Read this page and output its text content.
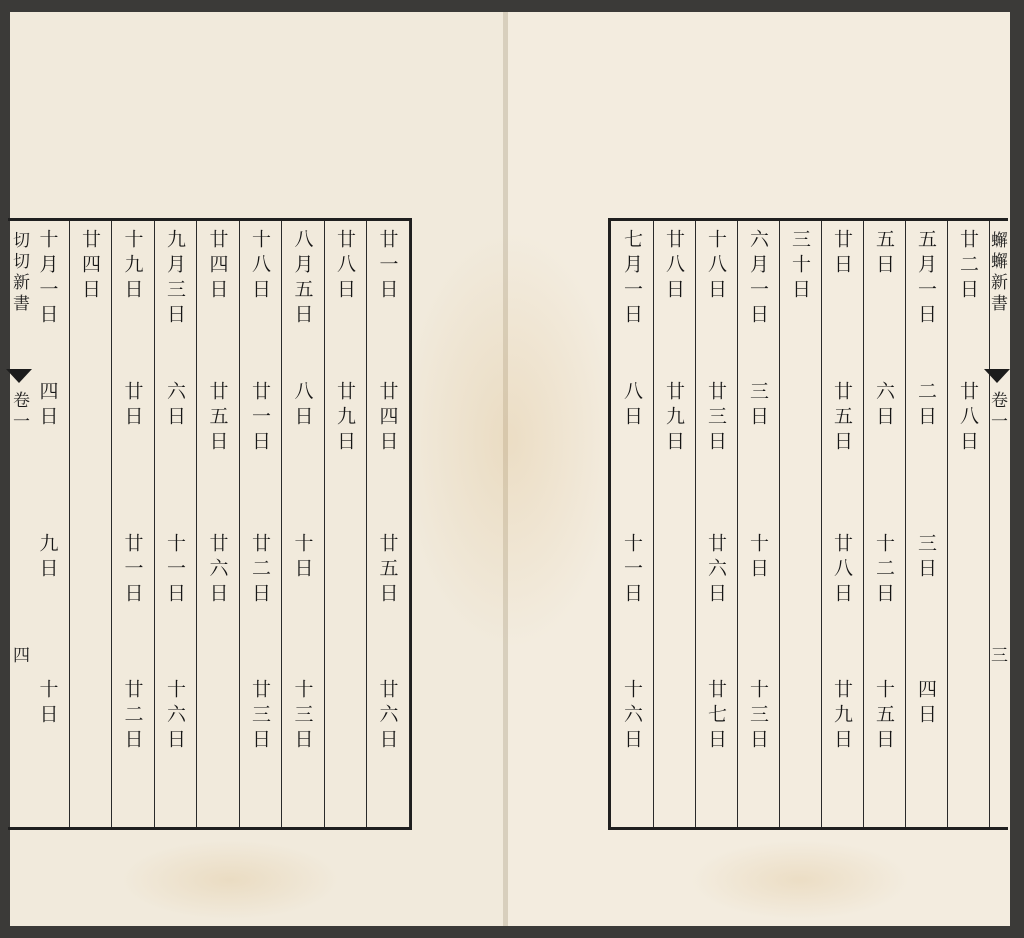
切切新書
卷一
四
廿一日
廿四日
廿五日
廿六日
廿八日
廿九日
八月五日
八日
十日
十三日
十八日
廿一日
廿二日
廿三日
廿四日
廿五日
廿六日
九月三日
六日
十一日
十六日
十九日
廿日
廿一日
廿二日
廿四日
十月一日
四日
九日
十日
廿二日
廿八日
五月一日
二日
三日
四日
五日
六日
十二日
十五日
廿日
廿五日
廿八日
廿九日
三十日
六月一日
三日
十日
十三日
十八日
廿三日
廿六日
廿七日
廿八日
廿九日
七月一日
八日
十一日
十六日
蠏蠏新書
卷一
三
